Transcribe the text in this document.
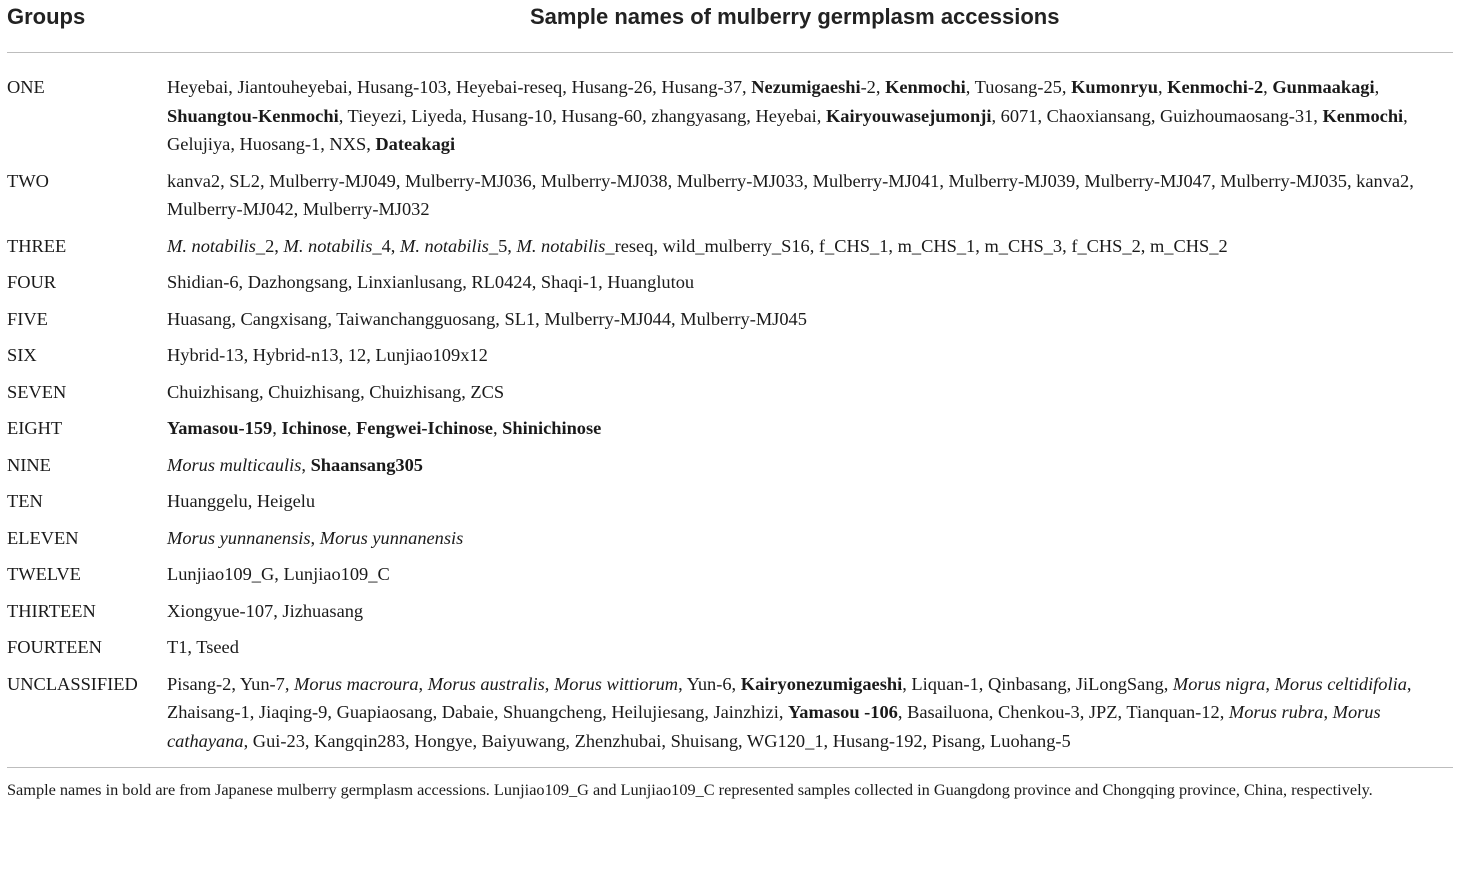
Groups	Sample names of mulberry germplasm accessions
ONE	Heyebai, Jiantouheyebai, Husang-103, Heyebai-reseq, Husang-26, Husang-37, Nezumigaeshi-2, Kenmochi, Tuosang-25, Kumonryu, Kenmochi-2, Gunmaakagi, Shuangtou-Kenmochi, Tieyezi, Liyeda, Husang-10, Husang-60, zhangyasang, Heyebai, Kairyouwasejumonji, 6071, Chaoxiansang, Guizhoumaosang-31, Kenmochi, Gelujiya, Huosang-1, NXS, Dateakagi
TWO	kanva2, SL2, Mulberry-MJ049, Mulberry-MJ036, Mulberry-MJ038, Mulberry-MJ033, Mulberry-MJ041, Mulberry-MJ039, Mulberry-MJ047, Mulberry-MJ035, kanva2, Mulberry-MJ042, Mulberry-MJ032
THREE	M. notabilis_2, M. notabilis_4, M. notabilis_5, M. notabilis_reseq, wild_mulberry_S16, f_CHS_1, m_CHS_1, m_CHS_3, f_CHS_2, m_CHS_2
FOUR	Shidian-6, Dazhongsang, Linxianlusang, RL0424, Shaqi-1, Huanglutou
FIVE	Huasang, Cangxisang, Taiwanchangguosang, SL1, Mulberry-MJ044, Mulberry-MJ045
SIX	Hybrid-13, Hybrid-n13, 12, Lunjiao109x12
SEVEN	Chuizhisang, Chuizhisang, Chuizhisang, ZCS
EIGHT	Yamasou-159, Ichinose, Fengwei-Ichinose, Shinichinose
NINE	Morus multicaulis, Shaansang305
TEN	Huanggelu, Heigelu
ELEVEN	Morus yunnanensis, Morus yunnanensis
TWELVE	Lunjiao109_G, Lunjiao109_C
THIRTEEN	Xiongyue-107, Jizhuasang
FOURTEEN	T1, Tseed
UNCLASSIFIED	Pisang-2, Yun-7, Morus macroura, Morus australis, Morus wittiorum, Yun-6, Kairyonezumigaeshi, Liquan-1, Qinbasang, JiLongSang, Morus nigra, Morus celtidifolia, Zhaisang-1, Jiaqing-9, Guapiaosang, Dabaie, Shuangcheng, Heilujiesang, Jainzhizi, Yamasou -106, Basailuona, Chenkou-3, JPZ, Tianquan-12, Morus rubra, Morus cathayana, Gui-23, Kangqin283, Hongye, Baiyuwang, Zhenzhubai, Shuisang, WG120_1, Husang-192, Pisang, Luohang-5
Sample names in bold are from Japanese mulberry germplasm accessions. Lunjiao109_G and Lunjiao109_C represented samples collected in Guangdong province and Chongqing province, China, respectively.
